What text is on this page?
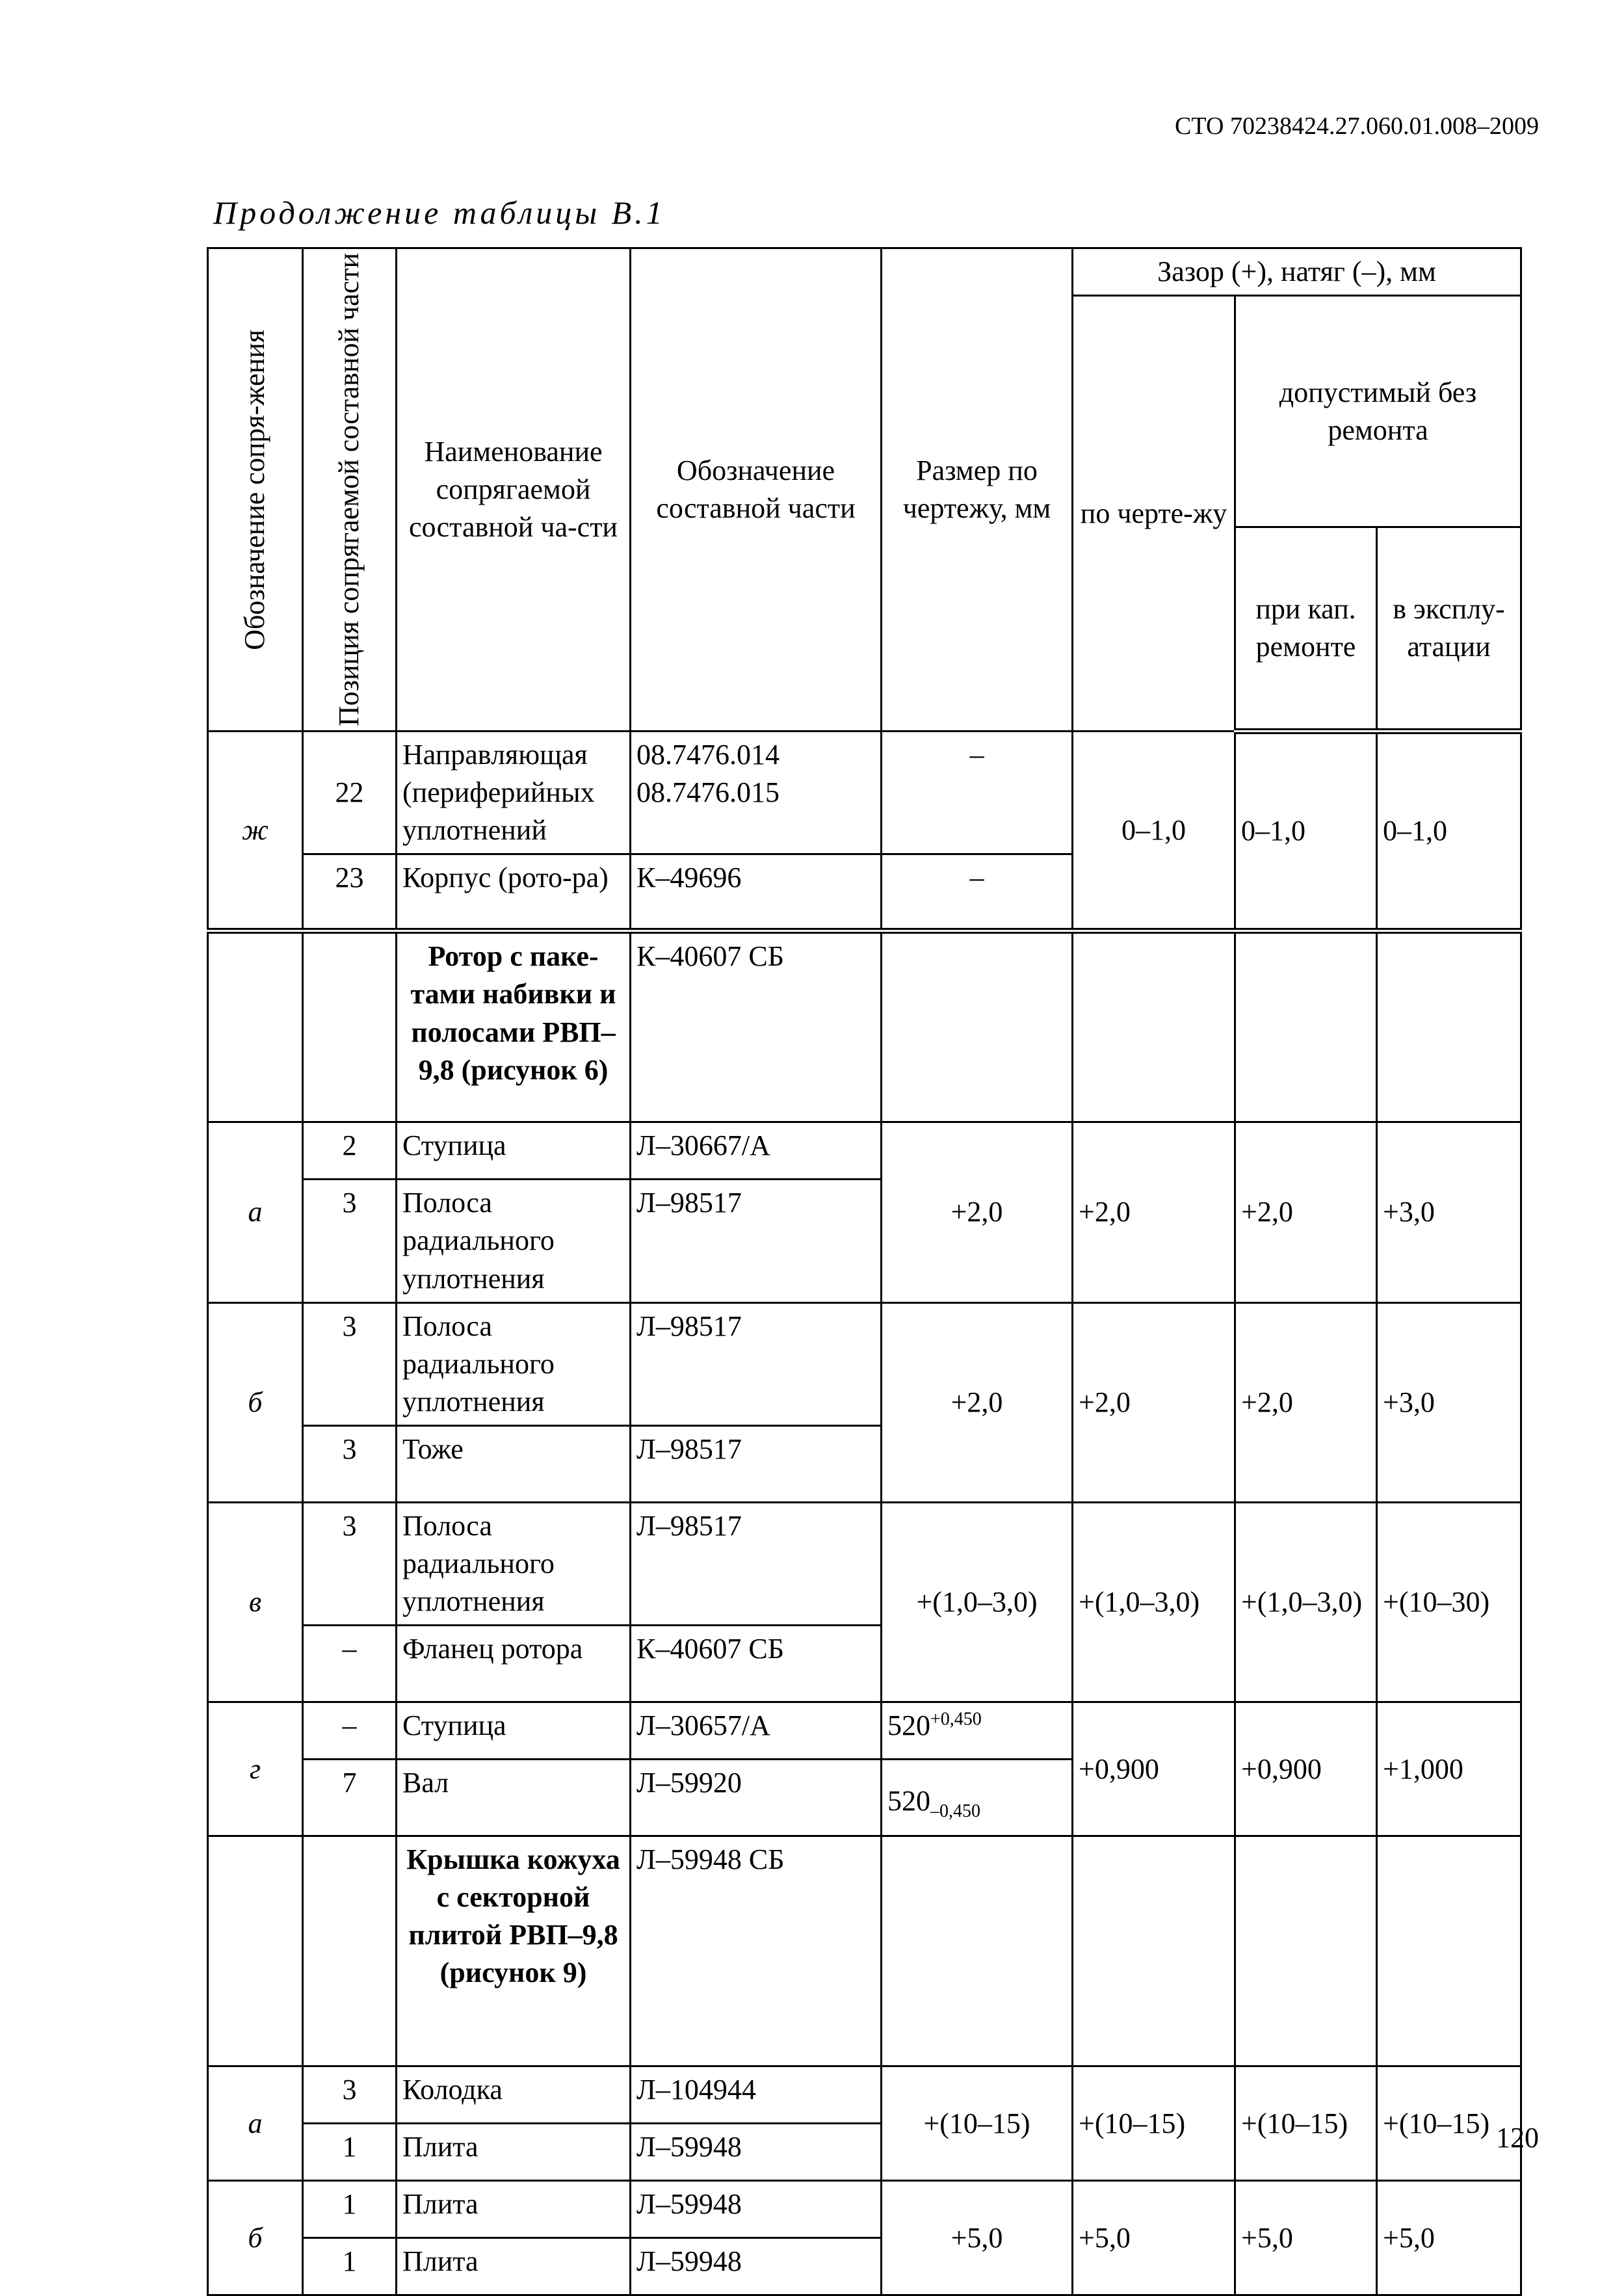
СТО 70238424.27.060.01.008–2009
Продолжение таблицы В.1
Обозначение сопря-жения	Позиция сопрягаемой составной части	Наименование сопрягаемой составной ча-сти	Обозначение составной части	Размер по чертежу, мм	Зазор (+), натяг (–), мм		
					по черте-жу	допустимый без ремонта	
						при кап. ремонте	в эксплу-атации
ж	22	Направляющая (периферийных уплотнений	08.7476.014 08.7476.015	–	0–1,0	0–1,0	0–1,0
	23	Корпус (рото-ра)	К–49696	–			
		Ротор с паке-тами набивки и полосами РВП–9,8 (рисунок 6)	К–40607 СБ				
а	2	Ступица	Л–30667/А	+2,0	+2,0	+2,0	+3,0
	3	Полоса радиального уплотнения	Л–98517				
б	3	Полоса радиального уплотнения	Л–98517	+2,0	+2,0	+2,0	+3,0
	3	Тоже	Л–98517				
в	3	Полоса радиального уплотнения	Л–98517	+(1,0–3,0)	+(1,0–3,0)	+(1,0–3,0)	+(10–30)
	–	Фланец ротора	К–40607 СБ				
г	–	Ступица	Л–30657/А	$520^{+0,450}$	+0,900	+0,900	+1,000
	7	Вал	Л–59920	$520_{-0,450}$
		Крышка кожуха с секторной плитой РВП–9,8 (рисунок 9)	Л–59948 СБ				
а	3	Колодка	Л–104944	+(10–15)	+(10–15)	+(10–15)	+(10–15)
	1	Плита	Л–59948				
б	1	Плита	Л–59948	+5,0	+5,0	+5,0	+5,0
	1	Плита	Л–59948				
120
